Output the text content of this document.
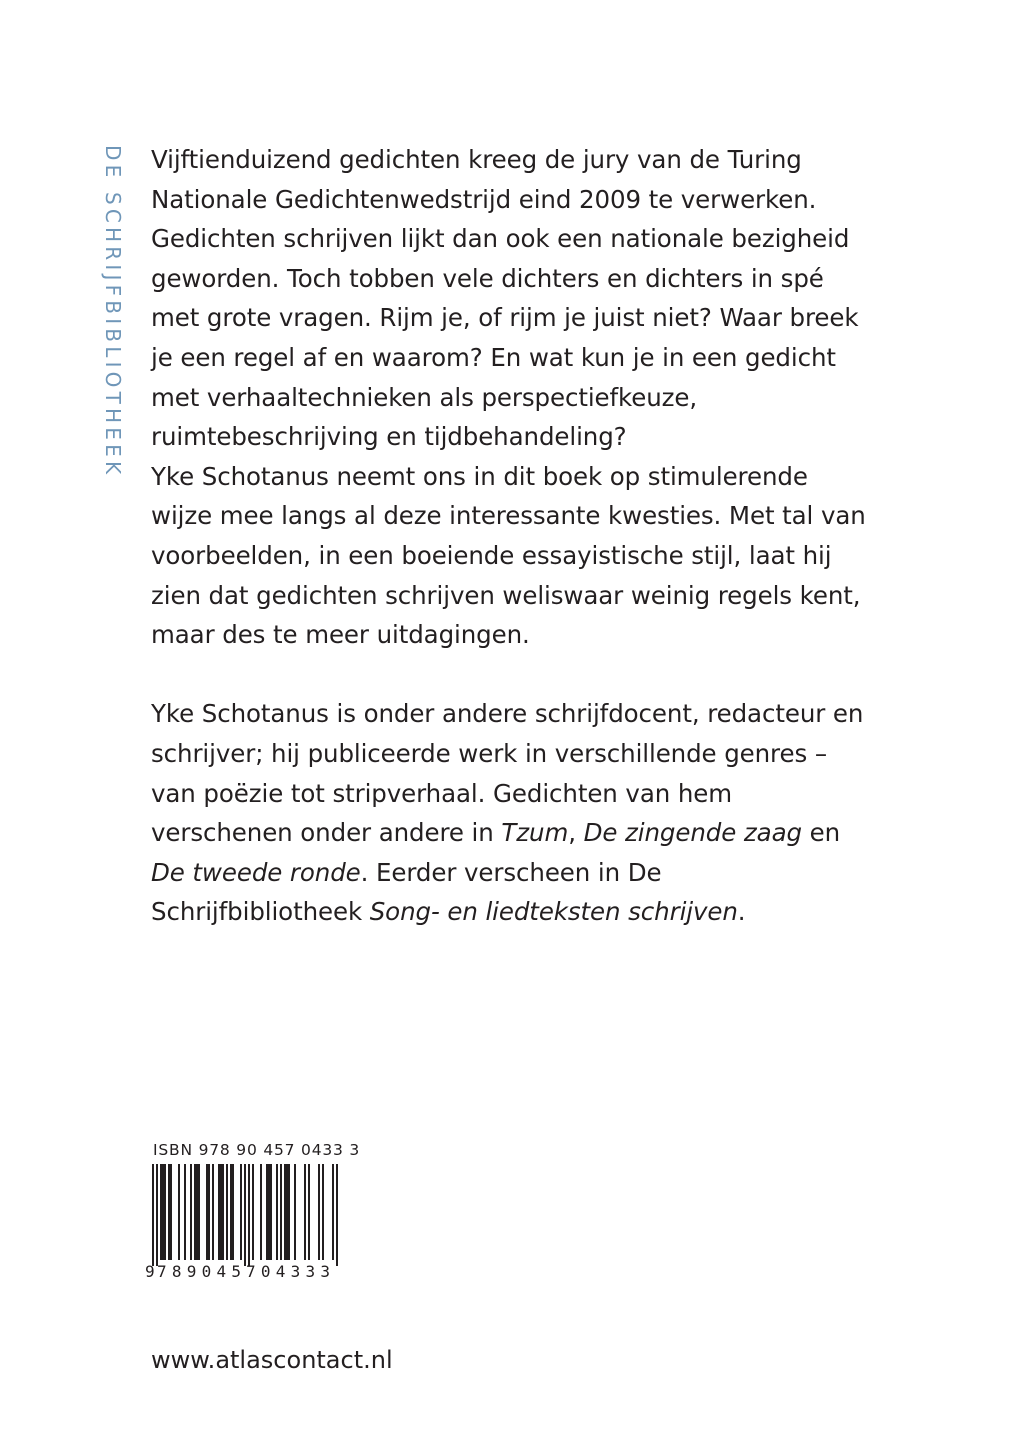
DE SCHRIJFBIBLIOTHEEK Vijftienduizend gedichten kreeg de jury van de Turing Nationale Gedichtenwedstrijd eind 2009 te verwerken. Gedichten schrijven lijkt dan ook een nationale bezigheid geworden. Toch tobben vele dichters en dichters in spé met grote vragen. Rijm je, of rijm je juist niet? Waar breek je een regel af en waarom? En wat kun je in een gedicht met verhaaltechnieken als perspectiefkeuze, ruimtebeschrijving en tijdbehandeling?

Yke Schotanus neemt ons in dit boek op stimulerende wijze mee langs al deze interessante kwesties. Met tal van voorbeelden, in een boeiende essayistische stijl, laat hij zien dat gedichten schrijven weliswaar weinig regels kent, maar des te meer uitdagingen.

Yke Schotanus is onder andere schrijfdocent, redacteur en schrijver; hij publiceerde werk in verschillende genres – van poëzie tot stripverhaal. Gedichten van hem verschenen onder andere in Tzum, De zingende zaag en De tweede ronde. Eerder verscheen in De Schrijfbibliotheek Song- en liedteksten schrijven.

ISBN 978 90 457 0433 3
9 789045 704333
www.atlascontact.nl
